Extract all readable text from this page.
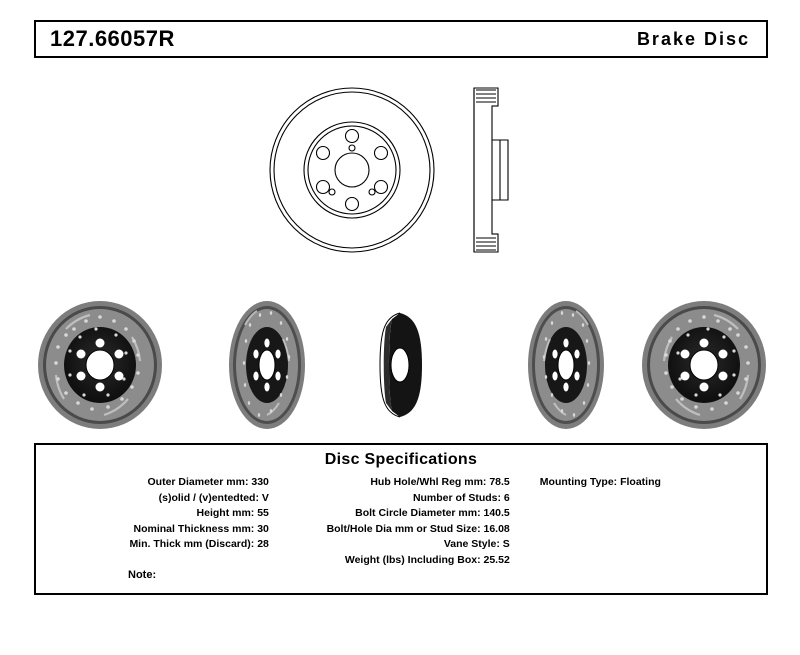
127.66057R	Brake Disc
Disc Specifications
Outer Diameter mm: 330
(s)olid / (v)entedted: V
Height mm: 55
Nominal Thickness mm: 30
Min. Thick mm (Discard): 28
Hub Hole/Whl Reg mm: 78.5
Number of Studs: 6
Bolt Circle Diameter mm: 140.5
Bolt/Hole Dia mm or Stud Size: 16.08
Vane Style: S
Weight (lbs) Including Box: 25.52
Mounting Type: Floating
Note:
